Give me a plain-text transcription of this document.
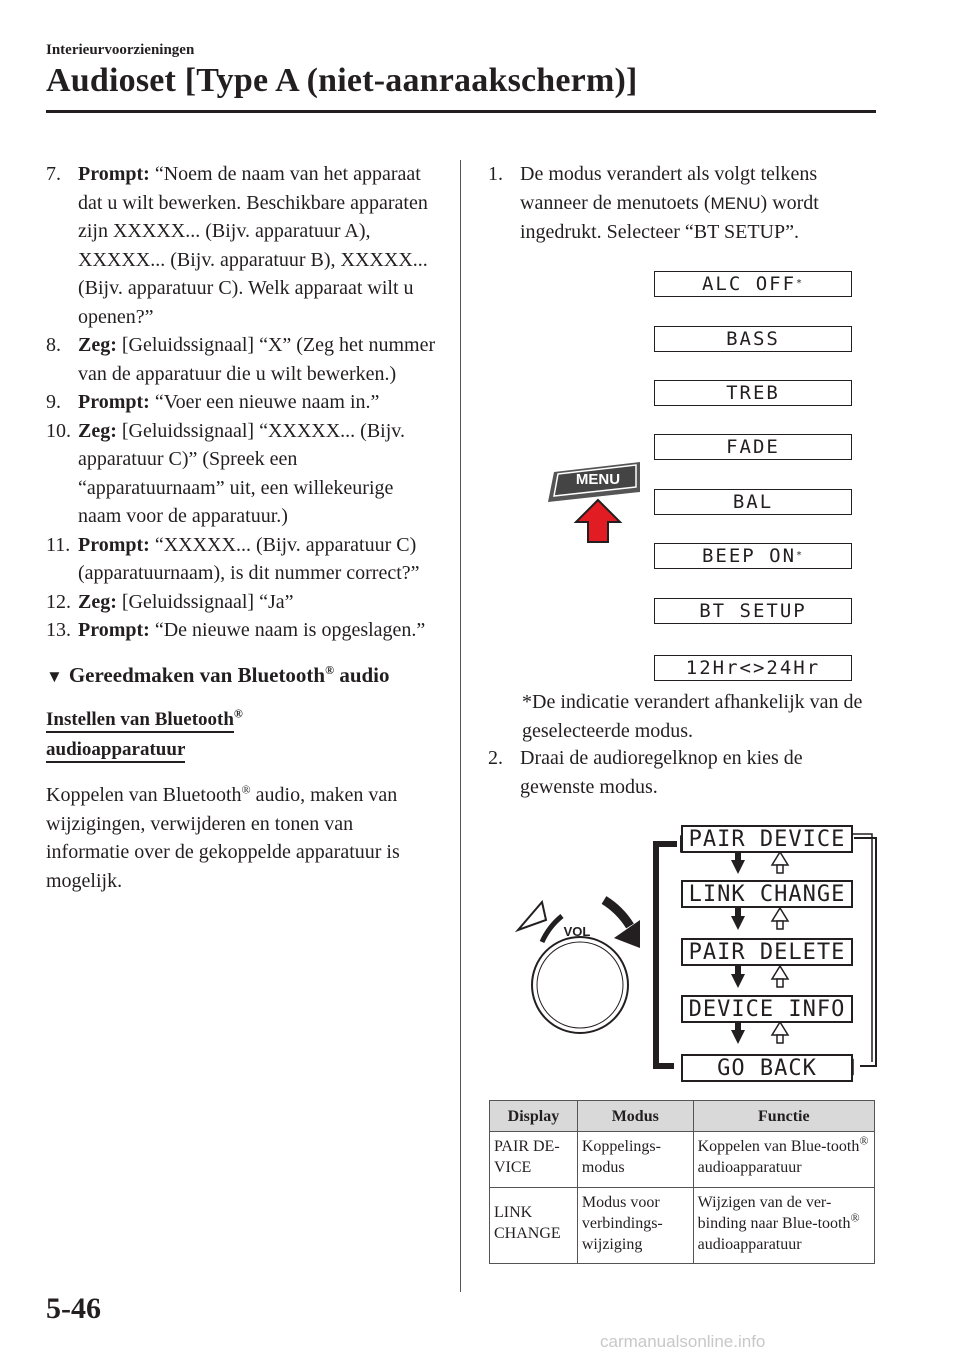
Interieurvoorzieningen
Audioset [Type A (niet-aanraakscherm)]
7. Prompt: “Noem de naam van het apparaat dat u wilt bewerken. Beschikbare apparaten zijn XXXXX... (Bijv. apparatuur A), XXXXX... (Bijv. apparatuur B), XXXXX... (Bijv. apparatuur C). Welk apparaat wilt u openen?”
8. Zeg: [Geluidssignaal] “X” (Zeg het nummer van de apparatuur die u wilt bewerken.)
9. Prompt: “Voer een nieuwe naam in.”
10. Zeg: [Geluidssignaal] “XXXXX... (Bijv. apparatuur C)” (Spreek een “apparatuurnaam” uit, een willekeurige naam voor de apparatuur.)
11. Prompt: “XXXXX... (Bijv. apparatuur C) (apparatuurnaam), is dit nummer correct?”
12. Zeg: [Geluidssignaal] “Ja”
13. Prompt: “De nieuwe naam is opgeslagen.”
▼ Gereedmaken van Bluetooth® audio
Instellen van Bluetooth®
audioapparatuur
Koppelen van Bluetooth® audio, maken van wijzigingen, verwijderen en tonen van informatie over de gekoppelde apparatuur is mogelijk.
1. De modus verandert als volgt telkens wanneer de menutoets (MENU) wordt ingedrukt. Selecteer “BT SETUP”.
MENU
ALC OFF *
BASS
TREB
FADE
BAL
BEEP ON *
BT SETUP
12Hr<>24Hr
*De indicatie verandert afhankelijk van de geselecteerde modus.
2. Draai de audioregelknop en kies de gewenste modus.
VOL
PAIR DEVICE
LINK CHANGE
PAIR DELETE
DEVICE INFO
GO BACK
Display	Modus	Functie
PAIR DE-VICE	Koppelings-modus	Koppelen van Blue-tooth® audioapparatuur
LINK CHANGE	Modus voor verbindings-wijziging	Wijzigen van de ver-binding naar Blue-tooth® audioapparatuur
5-46
carmanualsonline.info
